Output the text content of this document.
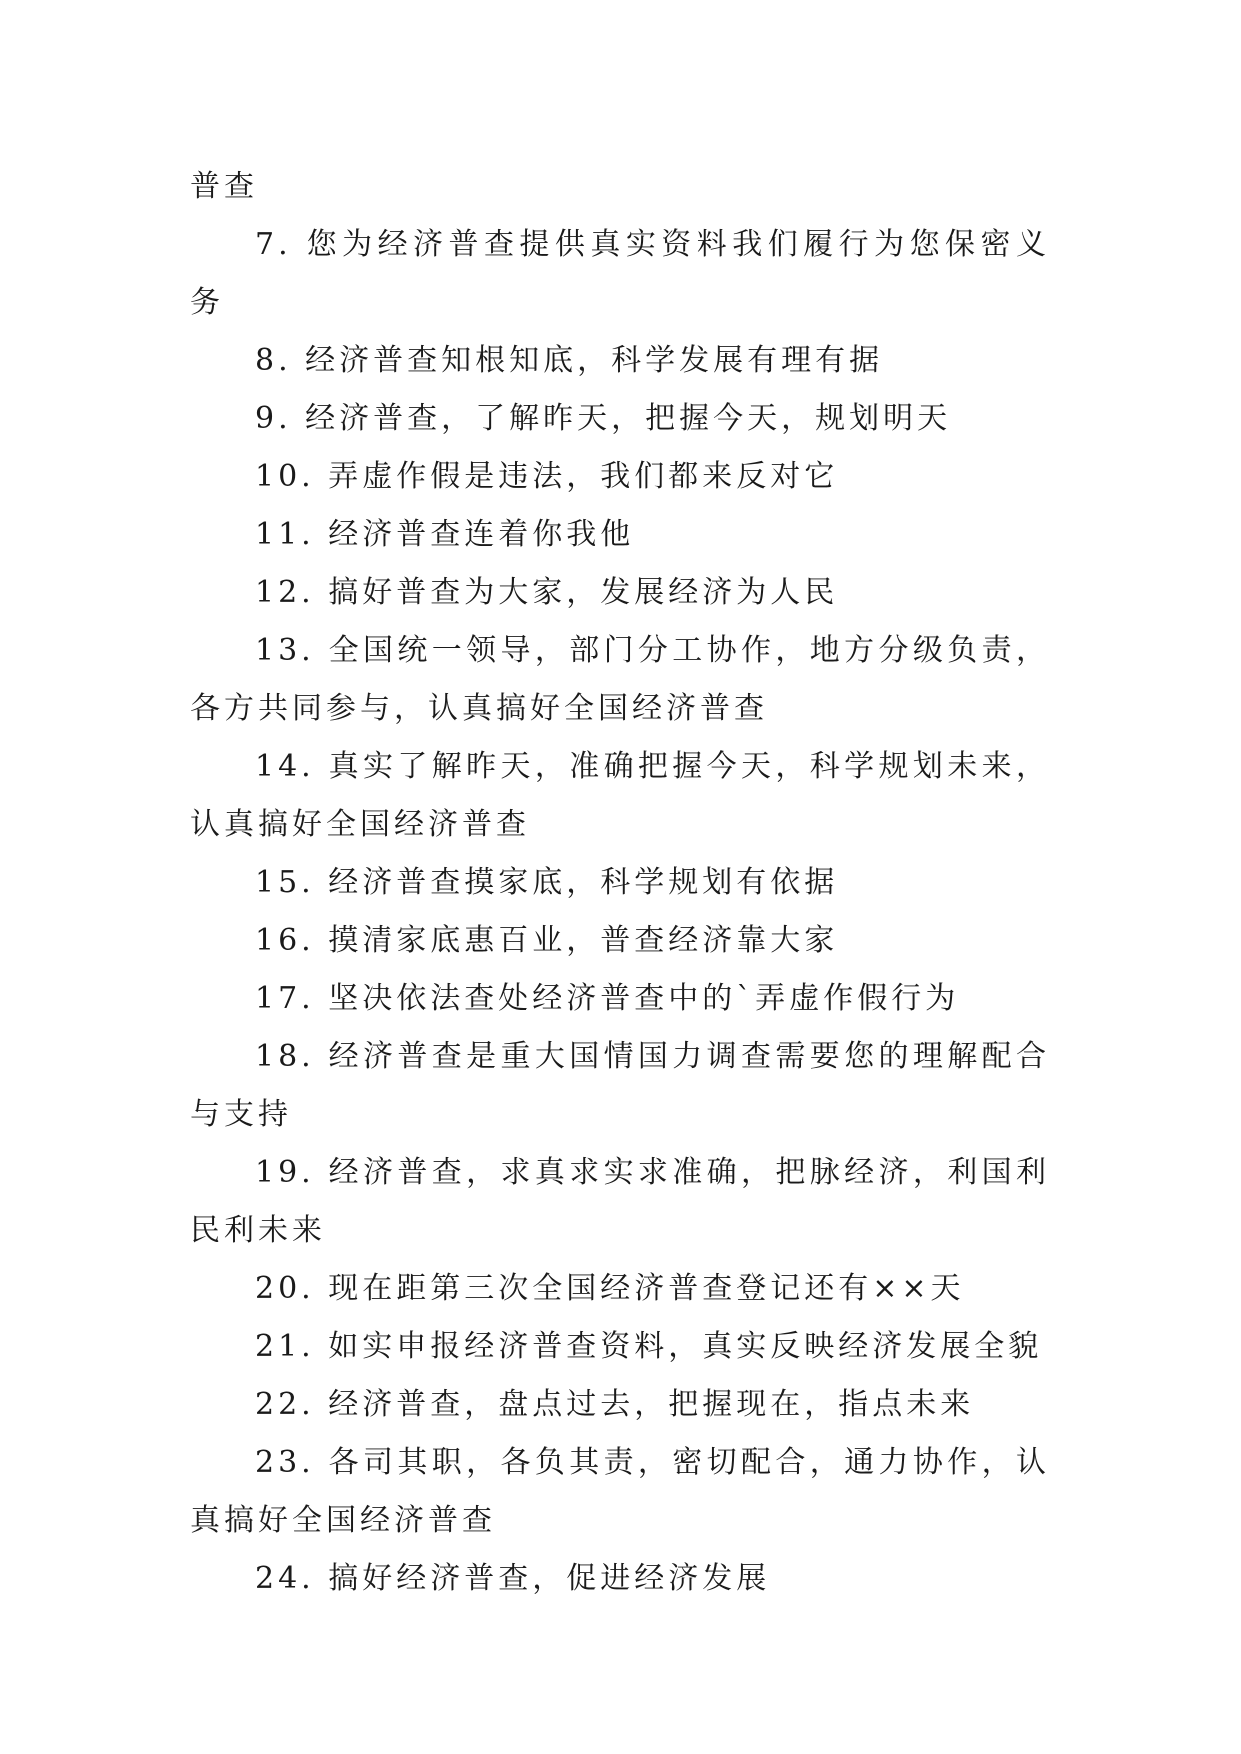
普查

7. 您为经济普查提供真实资料我们履行为您保密义务

8. 经济普查知根知底，科学发展有理有据

9. 经济普查，了解昨天，把握今天，规划明天

10. 弄虚作假是违法，我们都来反对它

11. 经济普查连着你我他

12. 搞好普查为大家，发展经济为人民

13. 全国统一领导，部门分工协作，地方分级负责，各方共同参与，认真搞好全国经济普查

14. 真实了解昨天，准确把握今天，科学规划未来，认真搞好全国经济普查

15. 经济普查摸家底，科学规划有依据

16. 摸清家底惠百业，普查经济靠大家

17. 坚决依法查处经济普查中的`弄虚作假行为

18. 经济普查是重大国情国力调查需要您的理解配合与支持

19. 经济普查，求真求实求准确，把脉经济，利国利民利未来

20. 现在距第三次全国经济普查登记还有××天

21. 如实申报经济普查资料，真实反映经济发展全貌

22. 经济普查，盘点过去，把握现在，指点未来

23. 各司其职，各负其责，密切配合，通力协作，认真搞好全国经济普查

24. 搞好经济普查，促进经济发展
